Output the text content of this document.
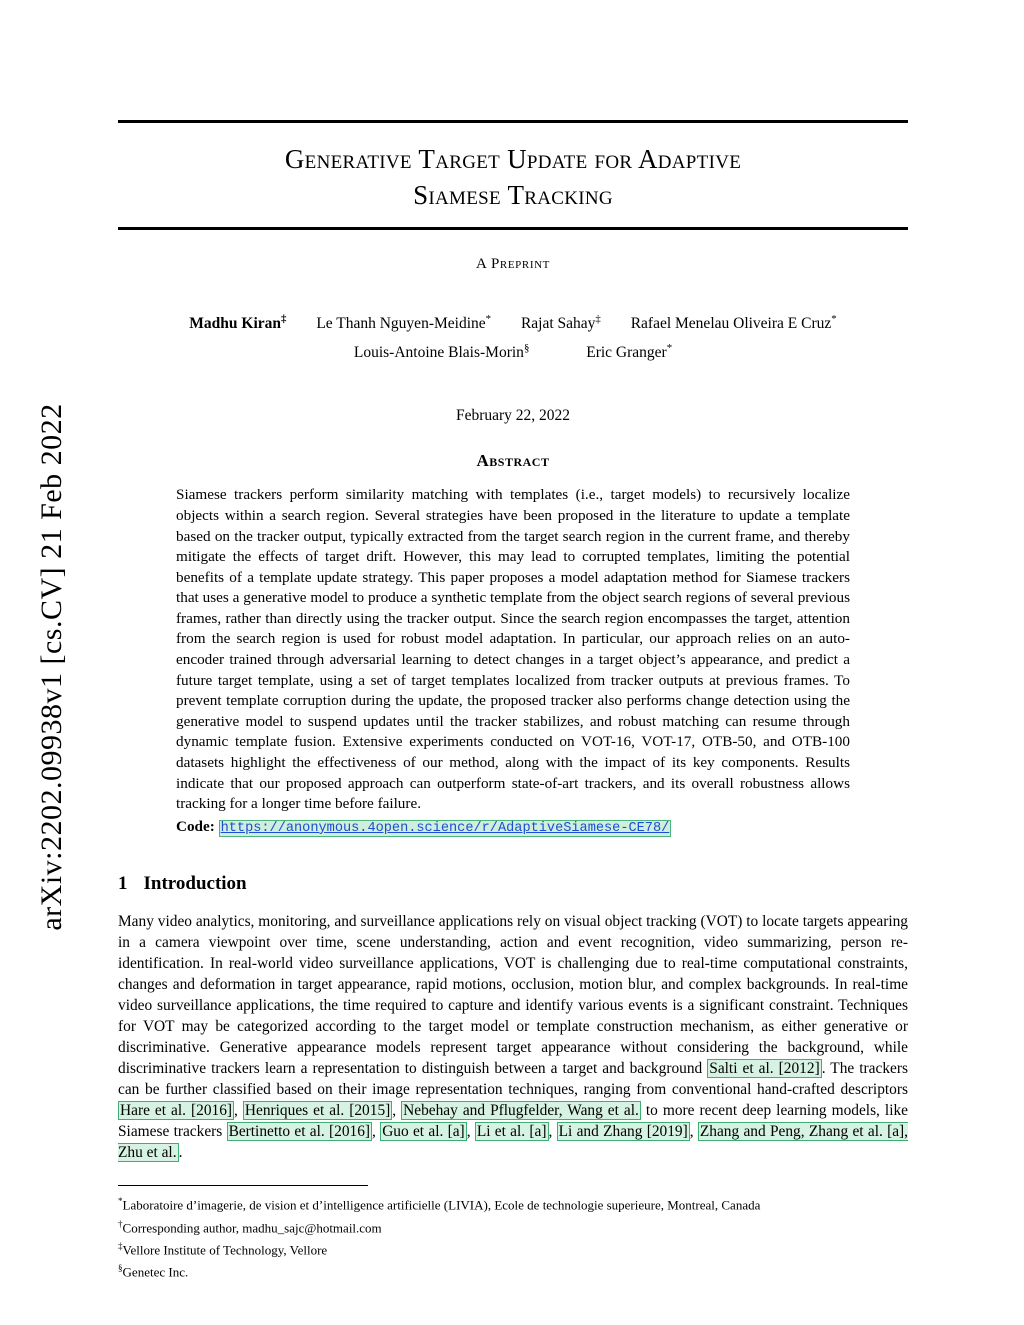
arXiv:2202.09938v1 [cs.CV] 21 Feb 2022
Generative Target Update for Adaptive
Siamese Tracking
A Preprint
Madhu Kiran‡ Le Thanh Nguyen-Meidine* Rajat Sahay‡ Rafael Menelau Oliveira E Cruz*
Louis-Antoine Blais-Morin§	Eric Granger*
February 22, 2022
Abstract
Siamese trackers perform similarity matching with templates (i.e., target models) to recursively localize objects within a search region. Several strategies have been proposed in the literature to update a template based on the tracker output, typically extracted from the target search region in the current frame, and thereby mitigate the effects of target drift. However, this may lead to corrupted templates, limiting the potential benefits of a template update strategy. This paper proposes a model adaptation method for Siamese trackers that uses a generative model to produce a synthetic template from the object search regions of several previous frames, rather than directly using the tracker output. Since the search region encompasses the target, attention from the search region is used for robust model adaptation. In particular, our approach relies on an auto-encoder trained through adversarial learning to detect changes in a target object’s appearance, and predict a future target template, using a set of target templates localized from tracker outputs at previous frames. To prevent template corruption during the update, the proposed tracker also performs change detection using the generative model to suspend updates until the tracker stabilizes, and robust matching can resume through dynamic template fusion. Extensive experiments conducted on VOT-16, VOT-17, OTB-50, and OTB-100 datasets highlight the effectiveness of our method, along with the impact of its key components. Results indicate that our proposed approach can outperform state-of-art trackers, and its overall robustness allows tracking for a longer time before failure.
Code: https://anonymous.4open.science/r/AdaptiveSiamese-CE78/
1 Introduction
Many video analytics, monitoring, and surveillance applications rely on visual object tracking (VOT) to locate targets appearing in a camera viewpoint over time, scene understanding, action and event recognition, video summarizing, person re-identification. In real-world video surveillance applications, VOT is challenging due to real-time computational constraints, changes and deformation in target appearance, rapid motions, occlusion, motion blur, and complex backgrounds. In real-time video surveillance applications, the time required to capture and identify various events is a significant constraint. Techniques for VOT may be categorized according to the target model or template construction mechanism, as either generative or discriminative. Generative appearance models represent target appearance without considering the background, while discriminative trackers learn a representation to distinguish between a target and background Salti et al. [2012] . The trackers can be further classified based on their image representation techniques, ranging from conventional hand-crafted descriptors Hare et al. [2016] , Henriques et al. [2015] , Nebehay and Pflugfelder, Wang et al. to more recent deep learning models, like Siamese trackers Bertinetto et al. [2016] , Guo et al. [a] , Li et al. [a] , Li and Zhang [2019] , Zhang and Peng, Zhang et al. [a], Zhu et al. .
*Laboratoire d’imagerie, de vision et d’intelligence artificielle (LIVIA), Ecole de technologie superieure, Montreal, Canada
†Corresponding author, madhu_sajc@hotmail.com
‡Vellore Institute of Technology, Vellore
§Genetec Inc.
